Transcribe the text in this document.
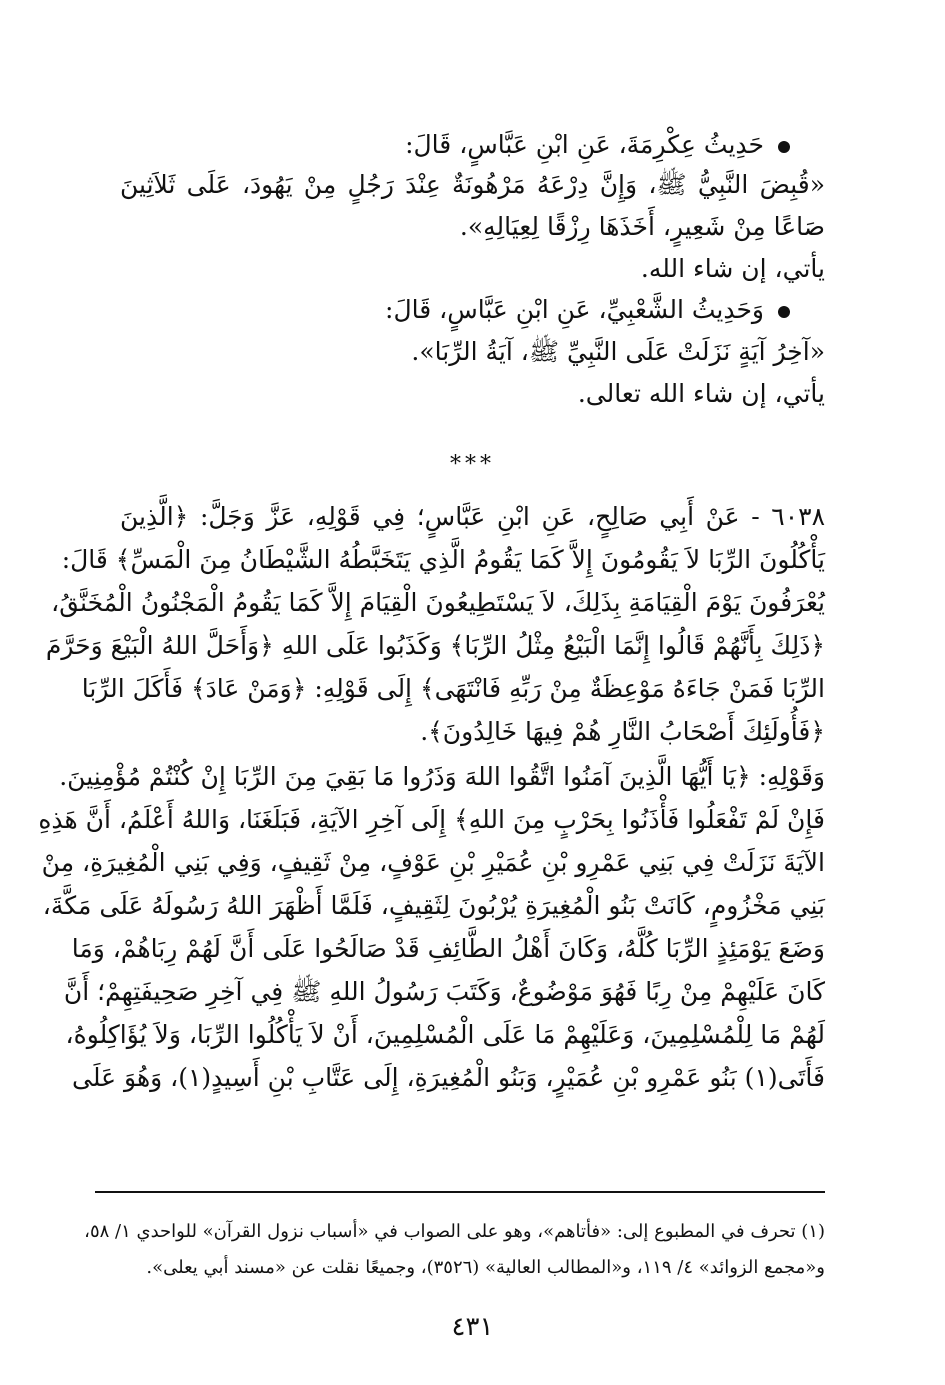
حَدِيثُ عِكْرِمَةَ، عَنِ ابْنِ عَبَّاسٍ، قَالَ:

«قُبِضَ النَّبِيُّ ﷺ، وَإِنَّ دِرْعَهُ مَرْهُونَةٌ عِنْدَ رَجُلٍ مِنْ يَهُودَ، عَلَى ثَلاَثِينَ

صَاعًا مِنْ شَعِيرٍ، أَخَذَهَا رِزْقًا لِعِيَالِهِ».

يأتي، إن شاء الله.

وَحَدِيثُ الشَّعْبِيِّ، عَنِ ابْنِ عَبَّاسٍ، قَالَ:

«آخِرُ آيَةٍ نَزَلَتْ عَلَى النَّبِيِّ ﷺ، آيَةُ الرِّبَا».

يأتي، إن شاء الله تعالى.

***

٦٠٣٨ - عَنْ أَبِي صَالِحٍ، عَنِ ابْنِ عَبَّاسٍ؛ فِي قَوْلِهِ، عَزَّ وَجَلَّ: ﴿الَّذِينَ

يَأْكُلُونَ الرِّبَا لاَ يَقُومُونَ إِلاَّ كَمَا يَقُومُ الَّذِي يَتَخَبَّطُهُ الشَّيْطَانُ مِنَ الْمَسِّ﴾ قَالَ:

يُعْرَفُونَ يَوْمَ الْقِيَامَةِ بِذَلِكَ، لاَ يَسْتَطِيعُونَ الْقِيَامَ إِلاَّ كَمَا يَقُومُ الْمَجْنُونُ الْمُخَنَّقُ،

﴿ذَلِكَ بِأَنَّهُمْ قَالُوا إِنَّمَا الْبَيْعُ مِثْلُ الرِّبَا﴾ وَكَذَبُوا عَلَى اللهِ ﴿وَأَحَلَّ اللهُ الْبَيْعَ وَحَرَّمَ

الرِّبَا فَمَنْ جَاءَهُ مَوْعِظَةٌ مِنْ رَبِّهِ فَانْتَهَى﴾ إِلَى قَوْلِهِ: ﴿وَمَنْ عَادَ﴾ فَأَكَلَ الرِّبَا

﴿فَأُولَئِكَ أَصْحَابُ النَّارِ هُمْ فِيهَا خَالِدُونَ﴾.

وَقَوْلِهِ: ﴿يَا أَيُّهَا الَّذِينَ آمَنُوا اتَّقُوا اللهَ وَذَرُوا مَا بَقِيَ مِنَ الرِّبَا إِنْ كُنْتُمْ مُؤْمِنِينَ.

فَإِنْ لَمْ تَفْعَلُوا فَأْذَنُوا بِحَرْبٍ مِنَ اللهِ﴾ إِلَى آخِرِ الآيَةِ، فَبَلَغَنَا، وَاللهُ أَعْلَمُ، أَنَّ هَذِهِ

الآيَةَ نَزَلَتْ فِي بَنِي عَمْرِو بْنِ عُمَيْرِ بْنِ عَوْفٍ، مِنْ ثَقِيفٍ، وَفِي بَنِي الْمُغِيرَةِ، مِنْ

بَنِي مَخْزُومٍ، كَانَتْ بَنُو الْمُغِيرَةِ يُرْبُونَ لِثَقِيفٍ، فَلَمَّا أَظْهَرَ اللهُ رَسُولَهُ عَلَى مَكَّةَ،

وَضَعَ يَوْمَئِذٍ الرِّبَا كُلَّهُ، وَكَانَ أَهْلُ الطَّائِفِ قَدْ صَالَحُوا عَلَى أَنَّ لَهُمْ رِبَاهُمْ، وَمَا

كَانَ عَلَيْهِمْ مِنْ رِبًا فَهُوَ مَوْضُوعٌ، وَكَتَبَ رَسُولُ اللهِ ﷺ فِي آخِرِ صَحِيفَتِهِمْ؛ أَنَّ

لَهُمْ مَا لِلْمُسْلِمِينَ، وَعَلَيْهِمْ مَا عَلَى الْمُسْلِمِينَ، أَنْ لاَ يَأْكُلُوا الرِّبَا، وَلاَ يُؤَاكِلُوهُ،

فَأَتَى(١) بَنُو عَمْرِو بْنِ عُمَيْرٍ، وَبَنُو الْمُغِيرَةِ، إِلَى عَتَّابِ بْنِ أَسِيدٍ(١)، وَهُوَ عَلَى

(١) تحرف في المطبوع إلى: «فأتاهم»، وهو على الصواب في «أسباب نزول القرآن» للواحدي ١/ ٥٨،

و«مجمع الزوائد» ٤/ ١١٩، و«المطالب العالية» (٣٥٢٦)، وجميعًا نقلت عن «مسند أبي يعلى».

٤٣١
